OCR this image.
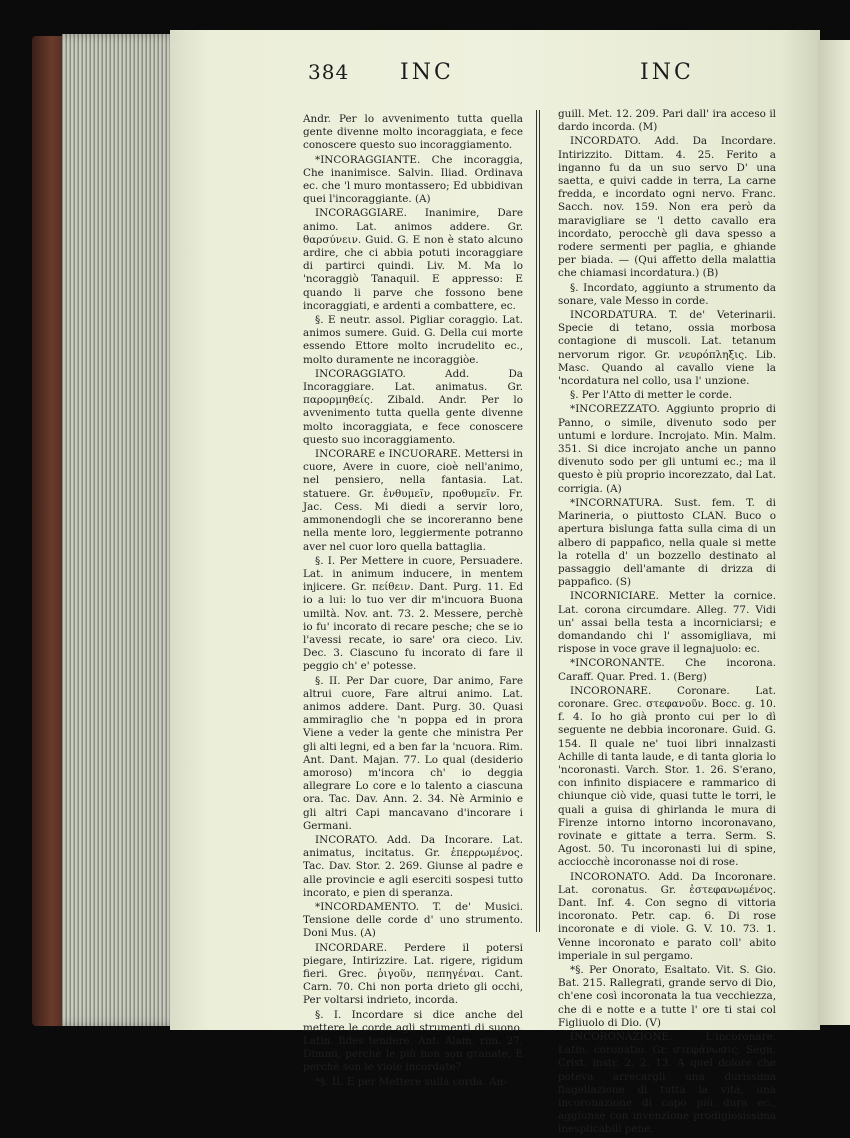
384 INC	INC

Andr. Per lo avvenimento tutta quella gente divenne molto incoraggiata, e fece conoscere questo suo incoraggiamento.

*INCORAGGIANTE. Che incoraggia, Che inanimisce. Salvin. Iliad. Ordinava ec. che 'l muro montassero; Ed ubbidivan quei l'incoraggiante. (A)

INCORAGGIARE. Inanimire, Dare animo. Lat. animos addere. Gr. θαρσύνειν. Guid. G. E non è stato alcuno ardire, che ci abbia potuti incoraggiare di partirci quindi. Liv. M. Ma lo 'ncoraggiò Tanaquil. E appresso: E quando li parve che fossono bene incoraggiati, e ardenti a combattere, ec.

§. E neutr. assol. Pigliar coraggio. Lat. animos sumere. Guid. G. Della cui morte essendo Ettore molto incrudelito ec., molto duramente ne incoraggiòe.

INCORAGGIATO. Add. Da Incoraggiare. Lat. animatus. Gr. παρορμηθείς. Zibald. Andr. Per lo avvenimento tutta quella gente divenne molto incoraggiata, e fece conoscere questo suo incoraggiamento.

INCORARE e INCUORARE. Mettersi in cuore, Avere in cuore, cioè nell'animo, nel pensiero, nella fantasia. Lat. statuere. Gr. ἐνθυμεῖν, προθυμεῖν. Fr. Jac. Cess. Mi diedi a servir loro, ammonendogli che se incoreranno bene nella mente loro, leggiermente potranno aver nel cuor loro quella battaglia.

§. I. Per Mettere in cuore, Persuadere. Lat. in animum inducere, in mentem injicere. Gr. πείθειν. Dant. Purg. 11. Ed io a lui: lo tuo ver dir m'incuora Buona umiltà. Nov. ant. 73. 2. Messere, perchè io fu' incorato di recare pesche; che se io l'avessi recate, io sare' ora cieco. Liv. Dec. 3. Ciascuno fu incorato di fare il peggio ch' e' potesse.

§. II. Per Dar cuore, Dar animo, Fare altrui cuore, Fare altrui animo. Lat. animos addere. Dant. Purg. 30. Quasi ammiraglio che 'n poppa ed in prora Viene a veder la gente che ministra Per gli alti legni, ed a ben far la 'ncuora. Rim. Ant. Dant. Majan. 77. Lo qual (desiderio amoroso) m'incora ch' io deggia allegrare Lo core e lo talento a ciascuna ora. Tac. Dav. Ann. 2. 34. Nè Arminio e gli altri Capi mancavano d'incorare i Germani.

INCORATO. Add. Da Incorare. Lat. animatus, incitatus. Gr. ἐπερρωμένος. Tac. Dav. Stor. 2. 269. Giunse al padre e alle provincie e agli eserciti sospesi tutto incorato, e pien di speranza.

*INCORDAMENTO. T. de' Musici. Tensione delle corde d' uno strumento. Doni Mus. (A)

INCORDARE. Perdere il potersi piegare, Intirizzire. Lat. rigere, rigidum fieri. Grec. ῥιγοῦν, πεπηγέναι. Cant. Carn. 70. Chi non porta drieto gli occhi, Per voltarsi indrieto, incorda.

§. I. Incordare si dice anche del mettere le corde agli strumenti di suono. Latin. fides tendere. Ant. Alam. rim. 27. Dimmi, perchè le più non son granate, E perchè son le viole incordate?

*§. II. E per Mettere sulla corda. An-

guill. Met. 12. 209. Pari dall' ira acceso il dardo incorda. (M)

INCORDATO. Add. Da Incordare. Intirizzito. Dittam. 4. 25. Ferito a inganno fu da un suo servo D' una saetta, e quivi cadde in terra, La carne fredda, e incordato ogni nervo. Franc. Sacch. nov. 159. Non era però da maravigliare se 'l detto cavallo era incordato, perocchè gli dava spesso a rodere sermenti per paglia, e ghiande per biada. — (Qui affetto della malattia che chiamasi incordatura.) (B)

§. Incordato, aggiunto a strumento da sonare, vale Messo in corde.

INCORDATURA. T. de' Veterinarii. Specie di tetano, ossia morbosa contagione di muscoli. Lat. tetanum nervorum rigor. Gr. νευρόπληξις. Lib. Masc. Quando al cavallo viene la 'ncordatura nel collo, usa l' unzione.

§. Per l'Atto di metter le corde.

*INCOREZZATO. Aggiunto proprio di Panno, o simile, divenuto sodo per untumi e lordure. Incrojato. Min. Malm. 351. Si dice incrojato anche un panno divenuto sodo per gli untumi ec.; ma il questo è più proprio incorezzato, dal Lat. corrigia. (A)

*INCORNATURA. Sust. fem. T. di Marineria, o piuttosto CLAN. Buco o apertura bislunga fatta sulla cima di un albero di pappafico, nella quale si mette la rotella d' un bozzello destinato al passaggio dell'amante di drizza di pappafico. (S)

INCORNICIARE. Metter la cornice. Lat. corona circumdare. Alleg. 77. Vidi un' assai bella testa a incorniciarsi; e domandando chi l' assomigliava, mi rispose in voce grave il legnajuolo: ec.

*INCORONANTE. Che incorona. Caraff. Quar. Pred. 1. (Berg)

INCORONARE. Coronare. Lat. coronare. Grec. στεφανοῦν. Bocc. g. 10. f. 4. Io ho già pronto cui per lo dì seguente ne debbia incoronare. Guid. G. 154. Il quale ne' tuoi libri innalzasti Achille di tanta laude, e di tanta gloria lo 'ncoronasti. Varch. Stor. 1. 26. S'erano, con infinito dispiacere e rammarico di chiunque ciò vide, quasi tutte le torri, le quali a guisa di ghirlanda le mura di Firenze intorno intorno incoronavano, rovinate e gittate a terra. Serm. S. Agost. 50. Tu incoronasti lui di spine, acciocchè incoronasse noi di rose.

INCORONATO. Add. Da Incoronare. Lat. coronatus. Gr. ἐστεφανωμένος. Dant. Inf. 4. Con segno di vittoria incoronato. Petr. cap. 6. Di rose incoronate e di viole. G. V. 10. 73. 1. Venne incoronato e parato coll' abito imperiale in sul pergamo.

*§. Per Onorato, Esaltato. Vit. S. Gio. Bat. 215. Rallegrati, grande servo di Dio, ch'ene così incoronata la tua vecchiezza, che di e notte e a tutte l' ore ti stai col Figliuolo di Dio. (V)

INCORONAZIONE. L'incoronare. Latin. coronatio. Gr. στεφάνωσις. Segn. Crist. instr. 2. 2. 13. A quel dolore che poteva arrecargli una durissima flagellazione di tutta la vita, una incoronazione di capo più dura ec., aggiunse con invenzione prodigiosissima inesplicabili pene.
